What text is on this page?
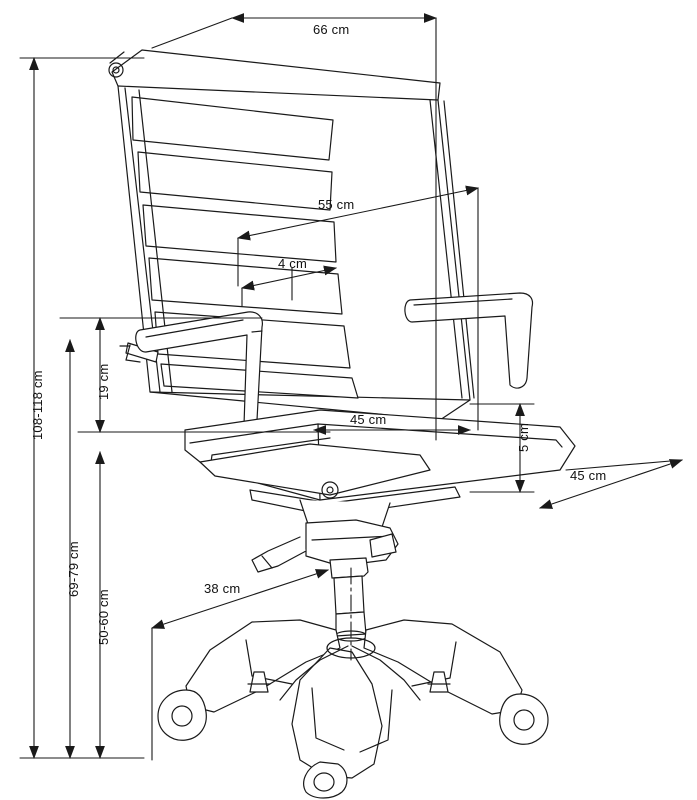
66 cm
55 cm
4 cm
45 cm
45 cm
5 cm
38 cm
19 cm
108-118 cm
69-79 cm
50-60 cm
